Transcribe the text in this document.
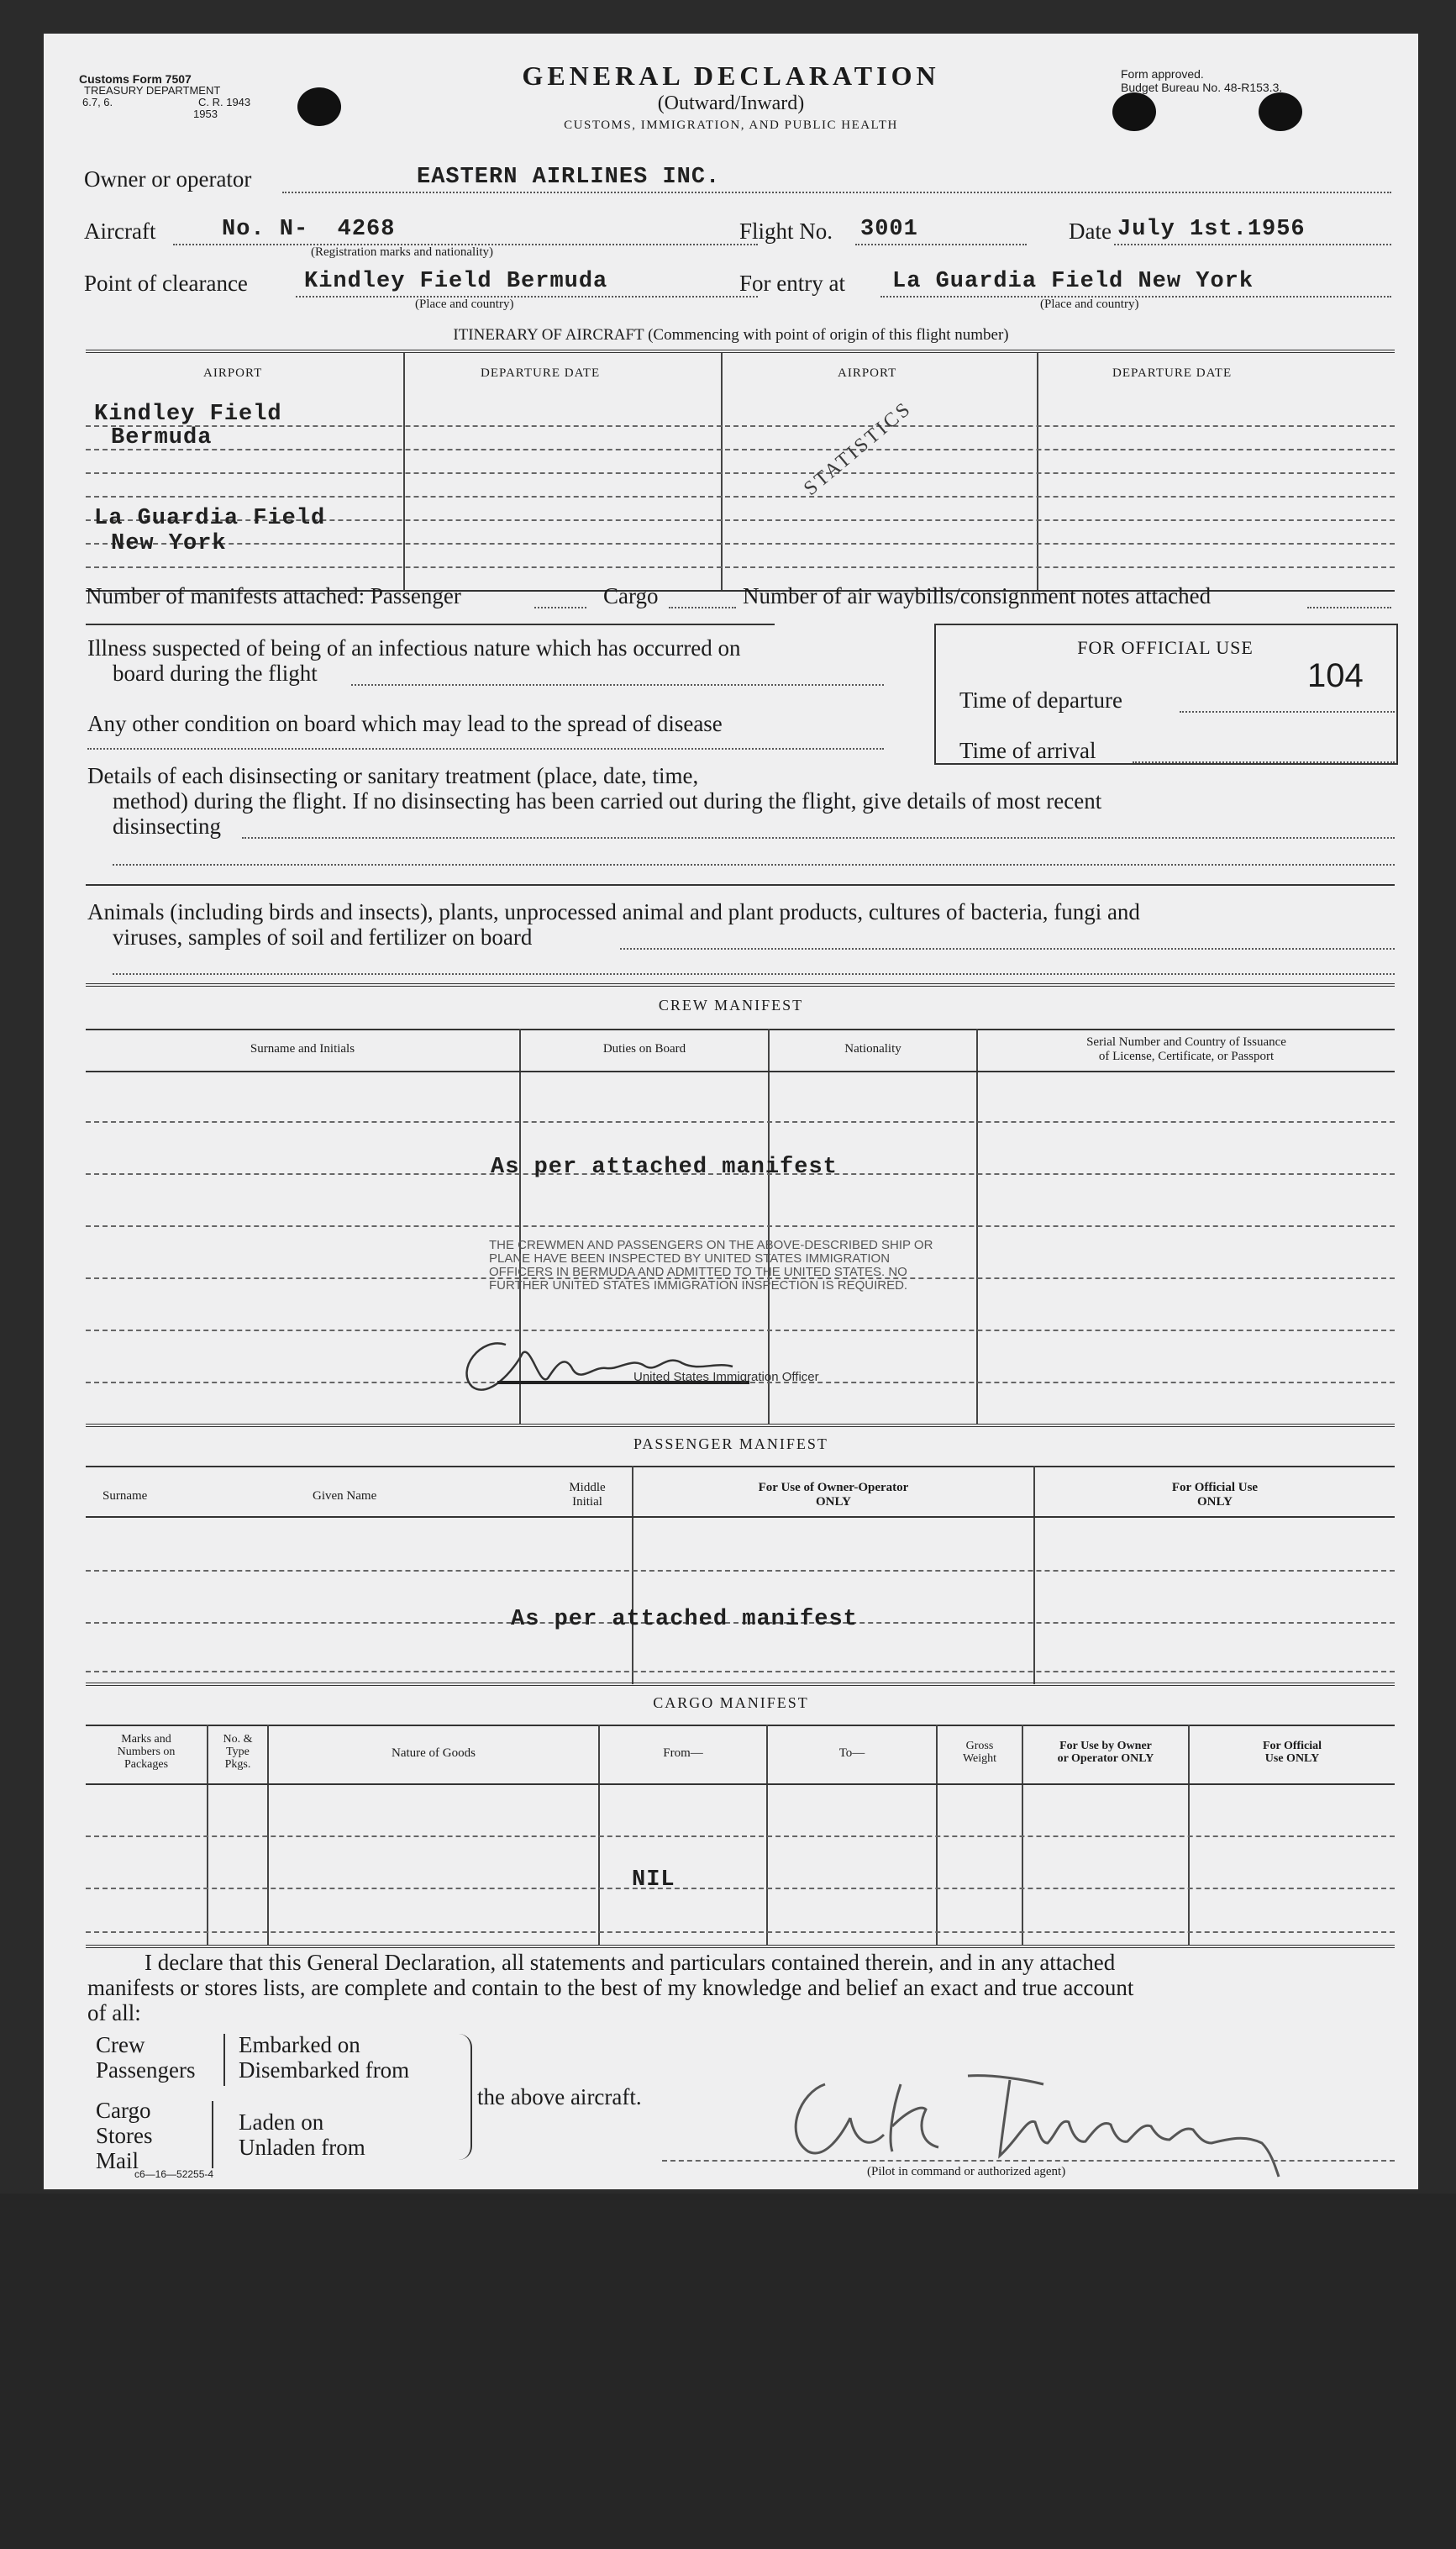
Customs Form 7507
TREASURY DEPARTMENT
6.7, 6.	C. R. 1943
1953
GENERAL DECLARATION
(Outward/Inward)
CUSTOMS, IMMIGRATION, AND PUBLIC HEALTH
Form approved.
Budget Bureau No. 48-R153.3.
Owner or operator	EASTERN AIRLINES INC.
Aircraft	No. N-  4268
(Registration marks and nationality)
Flight No. 3001	Date July 1st.1956
Point of clearance Kindley Field Bermuda
(Place and country)
For entry at La Guardia Field New York
(Place and country)
ITINERARY OF AIRCRAFT (Commencing with point of origin of this flight number)
AIRPORT	DEPARTURE DATE	AIRPORT	DEPARTURE DATE
Kindley Field
Bermuda
La Guardia Field
New York
STATISTICS
Number of manifests attached: Passenger	Cargo	Number of air waybills/consignment notes attached
Illness suspected of being of an infectious nature which has occurred on
board during the flight
Any other condition on board which may lead to the spread of disease
FOR OFFICIAL USE
104
Time of departure
Time of arrival
Details of each disinsecting or sanitary treatment (place, date, time,
method) during the flight. If no disinsecting has been carried out during the flight, give details of most recent
disinsecting
Animals (including birds and insects), plants, unprocessed animal and plant products, cultures of bacteria, fungi and
viruses, samples of soil and fertilizer on board
CREW MANIFEST
Surname and Initials	Duties on Board	Nationality	Serial Number and Country of Issuance
of License, Certificate, or Passport
As per attached manifest
THE CREWMEN AND PASSENGERS ON THE ABOVE-DESCRIBED SHIP OR
PLANE HAVE BEEN INSPECTED BY UNITED STATES IMMIGRATION
OFFICERS IN BERMUDA AND ADMITTED TO THE UNITED STATES. NO
FURTHER UNITED STATES IMMIGRATION INSPECTION IS REQUIRED.
United States Immigration Officer
PASSENGER MANIFEST
Surname	Given Name
Middle
Initial
For Use of Owner-Operator
ONLY
For Official Use
ONLY
As per attached manifest
CARGO MANIFEST
Marks and
Numbers on
Packages
No. &
Type
Pkgs.
Nature of Goods	From—	To—
Gross
Weight
For Use by Owner
or Operator ONLY
For Official
Use ONLY
NIL
I declare that this General Declaration, all statements and particulars contained therein, and in any attached
manifests or stores lists, are complete and contain to the best of my knowledge and belief an exact and true account
of all:
Crew
Passengers
Embarked on
Disembarked from
Cargo
Stores
Mail
Laden on
Unladen from
the above aircraft.
(Pilot in command or authorized agent)
c6—16—52255-4
